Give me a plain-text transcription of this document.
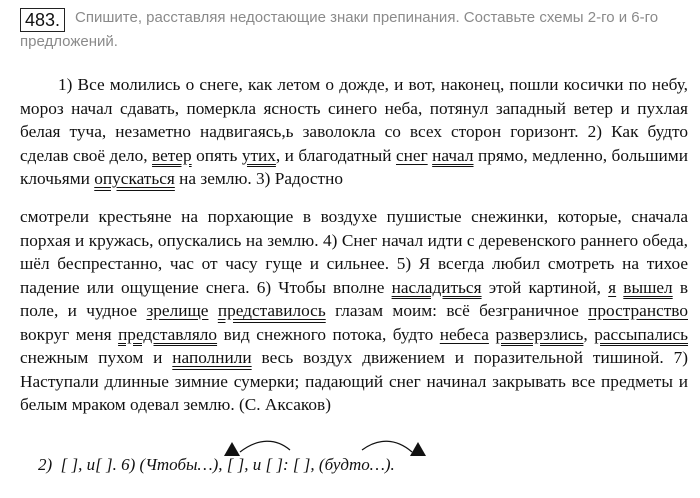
483. Спишите, расставляя недостающие знаки препинания. Составьте схемы 2-го и 6-го предложений.
1) Все молились о снеге, как летом о дожде, и вот, наконец, пошли косички по небу, мороз начал сдавать, померкла ясность синего неба, потянул западный ветер и пухлая белая туча, незаметно надвигаясь,ь заволокла со всех сторон горизонт. 2) Как будто сделав своё дело, ветер опять утих, и благодатный снег начал прямо, медленно, большими клочьями опускаться на землю. 3) Радостно
смотрели крестьяне на порхающие в воздухе пушистые снежинки, которые, сначала порхая и кружась, опускались на землю. 4) Снег начал идти с деревенского раннего обеда, шёл беспрестанно, час от часу гуще и сильнее. 5) Я всегда любил смотреть на тихое падение или ощущение снега. 6) Чтобы вполне насладиться этой картиной, я вышел в поле, и чудное зрелище представилось глазам моим: всё безграничное пространство вокруг меня представляло вид снежного потока, будто небеса разверзлись, рассыпались снежным пухом и наполнили весь воздух движением и поразительной тишиной. 7) Наступали длинные зимние сумерки; падающий снег начинал закрывать все предметы и белым мраком одевал землю. (С. Аксаков)
2)  [ ], и[ ]. 6) (Чтобы…), [ ], и [ ]: [ ], (будто…).
